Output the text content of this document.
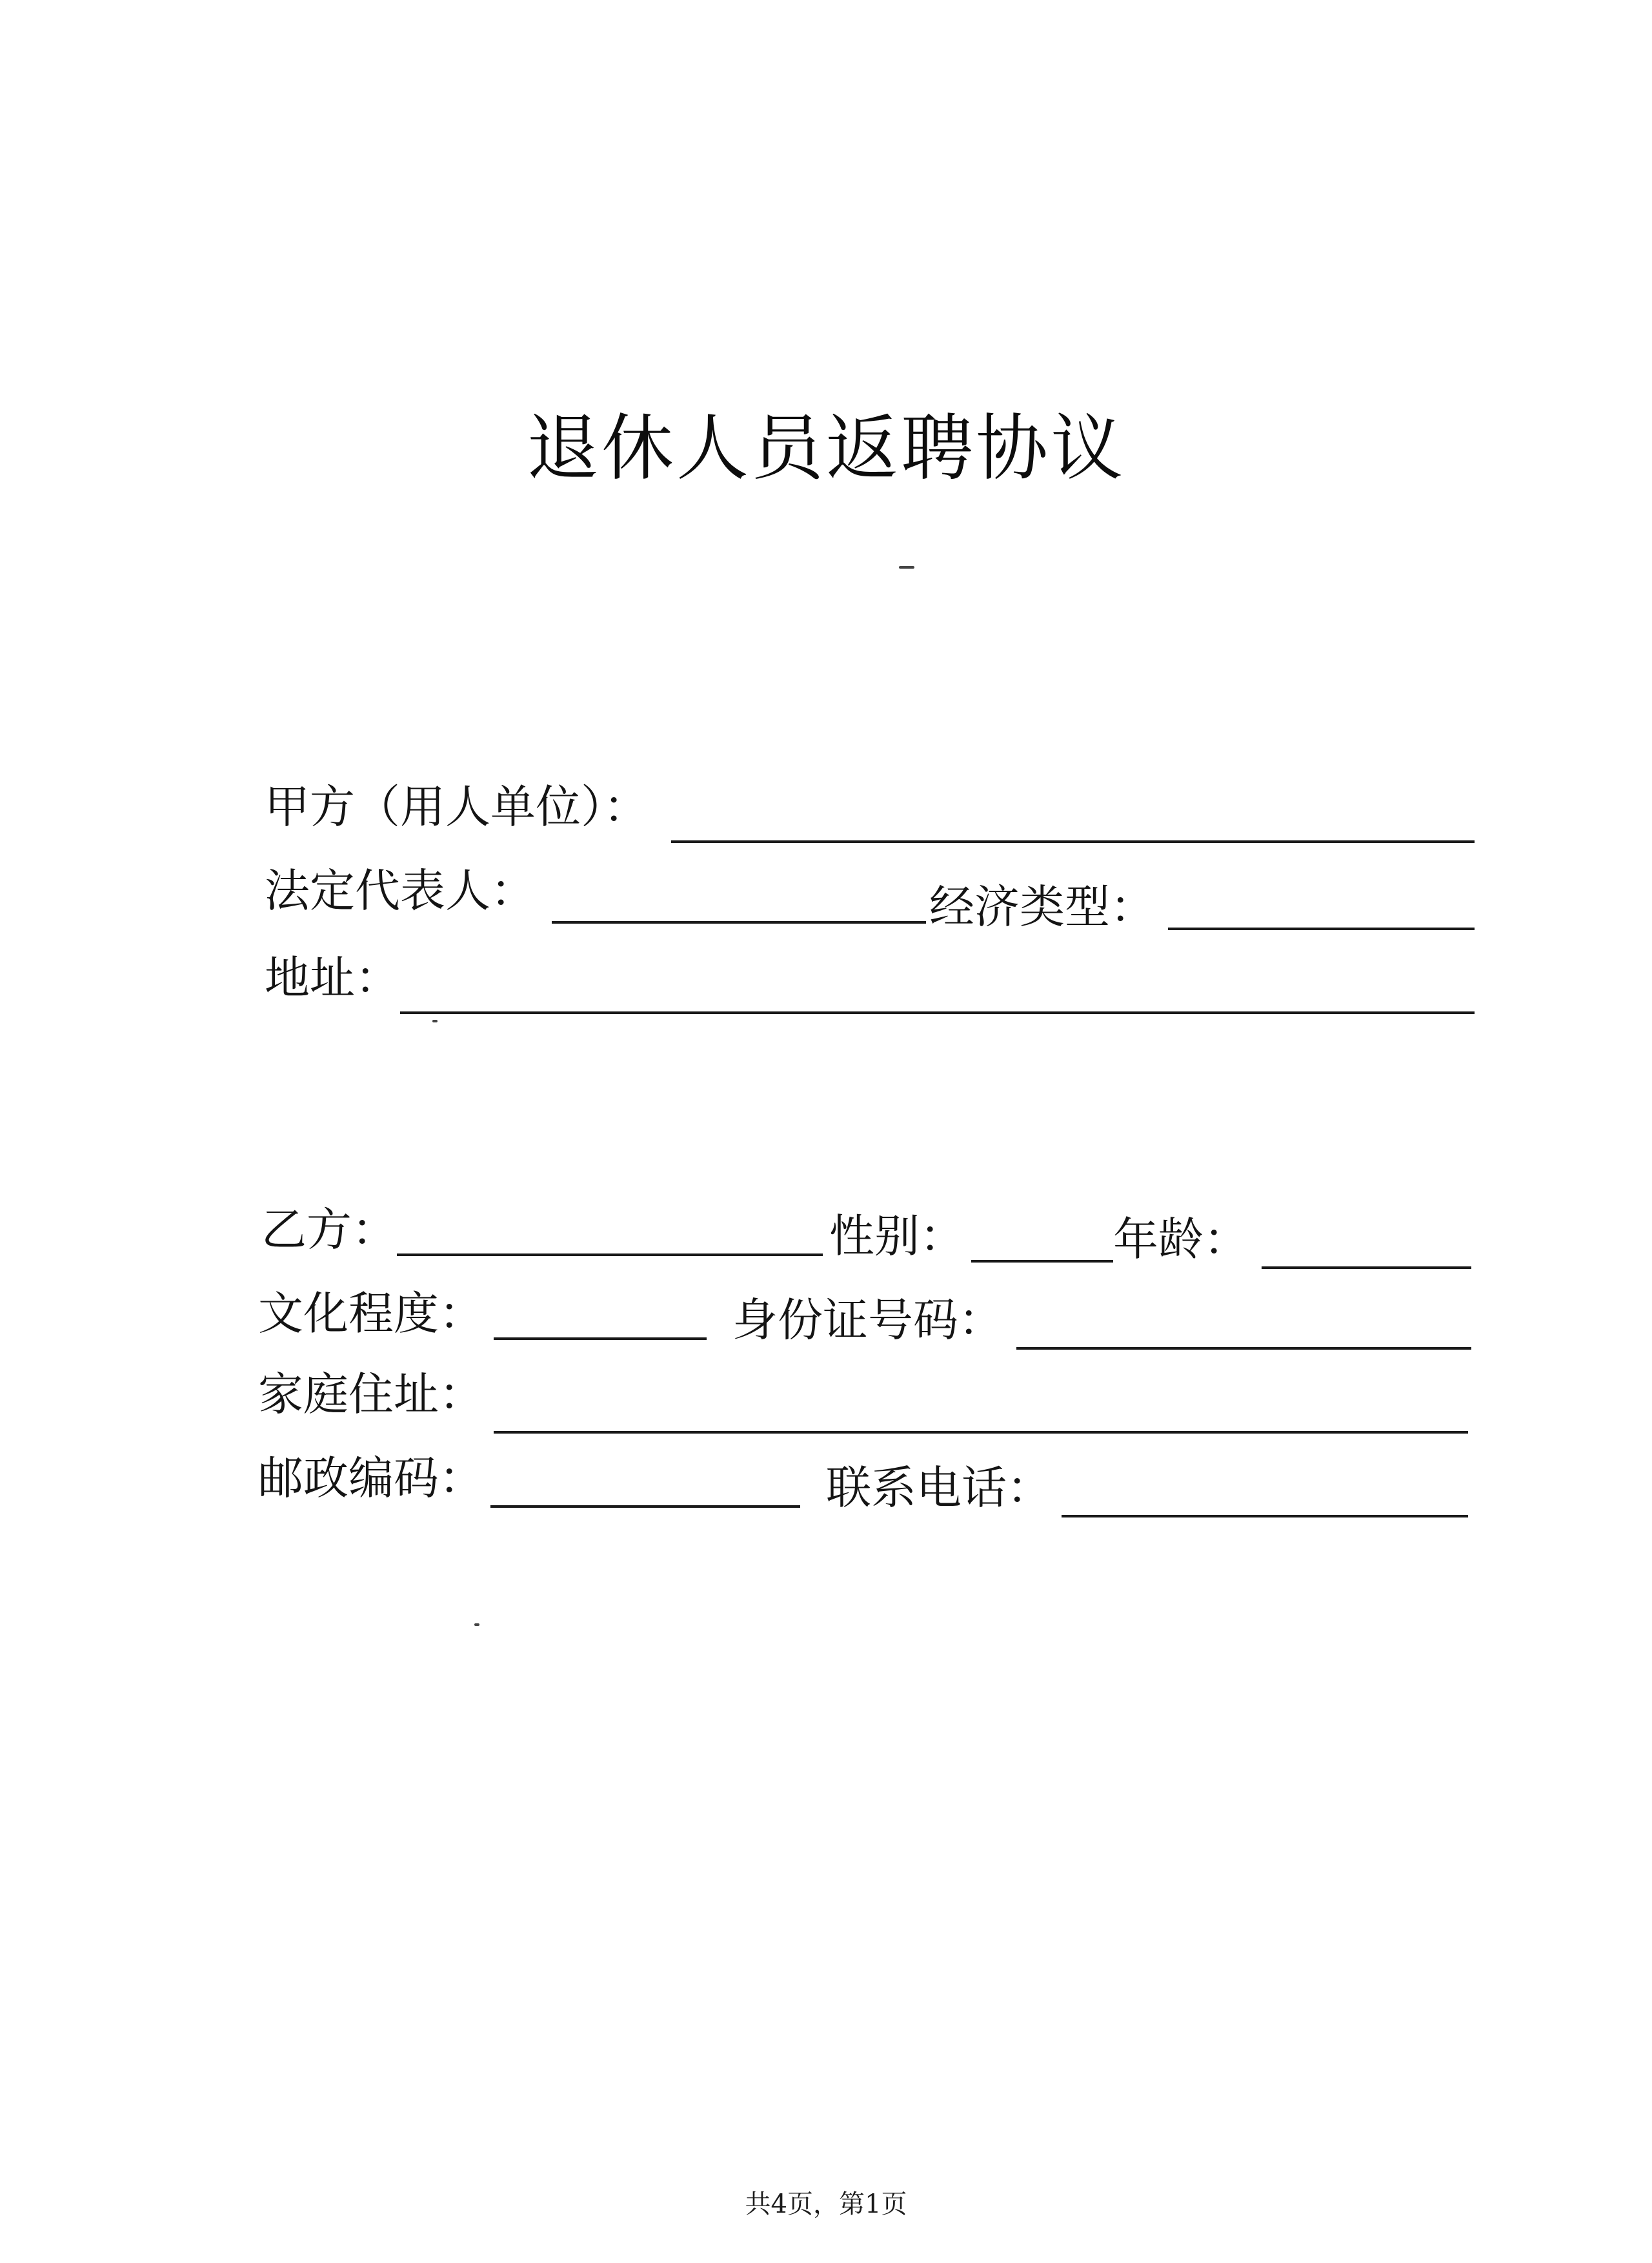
退休人员返聘协议
甲方（用人单位）：
法定代表人：	经济类型：
地址：
乙方：	性别：	年龄：
文化程度：	身份证号码：
家庭住址：
邮政编码：	联系电话：
共4页，第1页
